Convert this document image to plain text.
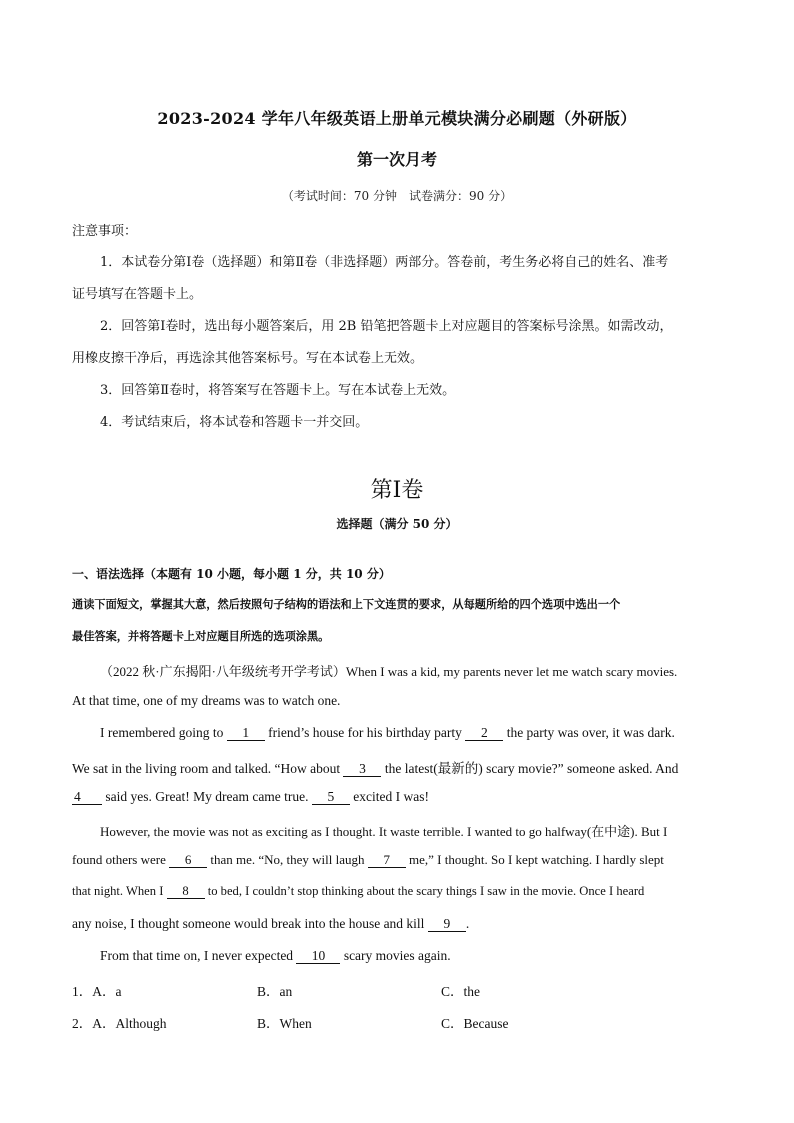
2023-2024 学年八年级英语上册单元模块满分必刷题（外研版）
第一次月考
（考试时间：70 分钟　试卷满分：90 分）
注意事项：
1．本试卷分第Ⅰ卷（选择题）和第Ⅱ卷（非选择题）两部分。答卷前，考生务必将自己的姓名、准考
证号填写在答题卡上。
2．回答第Ⅰ卷时，选出每小题答案后，用 2B 铅笔把答题卡上对应题目的答案标号涂黑。如需改动，
用橡皮擦干净后，再选涂其他答案标号。写在本试卷上无效。
3．回答第Ⅱ卷时，将答案写在答题卡上。写在本试卷上无效。
4．考试结束后，将本试卷和答题卡一并交回。
第Ⅰ卷
选择题（满分 50 分）
一、语法选择（本题有 10 小题，每小题 1 分，共 10 分）
通读下面短文，掌握其大意，然后按照句子结构的语法和上下文连贯的要求，从每题所给的四个选项中选出一个
最佳答案，并将答题卡上对应题目所选的选项涂黑。
（2022 秋·广东揭阳·八年级统考开学考试）When I was a kid, my parents never let me watch scary movies.
At that time, one of my dreams was to watch one.
I remembered going to 1 friend’s house for his birthday party 2 the party was over, it was dark.
We sat in the living room and talked. “How about 3 the latest(最新的) scary movie?” someone asked. And
4 said yes. Great! My dream came true. 5 excited I was!
However, the movie was not as exciting as I thought. It waste terrible. I wanted to go halfway(在中途). But I
found others were 6 than me. “No, they will laugh 7 me,” I thought. So I kept watching. I hardly slept
that night. When I 8 to bed, I couldn’t stop thinking about the scary things I saw in the movie. Once I heard
any noise, I thought someone would break into the house and kill 9 .
From that time on, I never expected 10 scary movies again.
1．A．a	B．an	C．the
2．A．Although	B．When	C．Because
